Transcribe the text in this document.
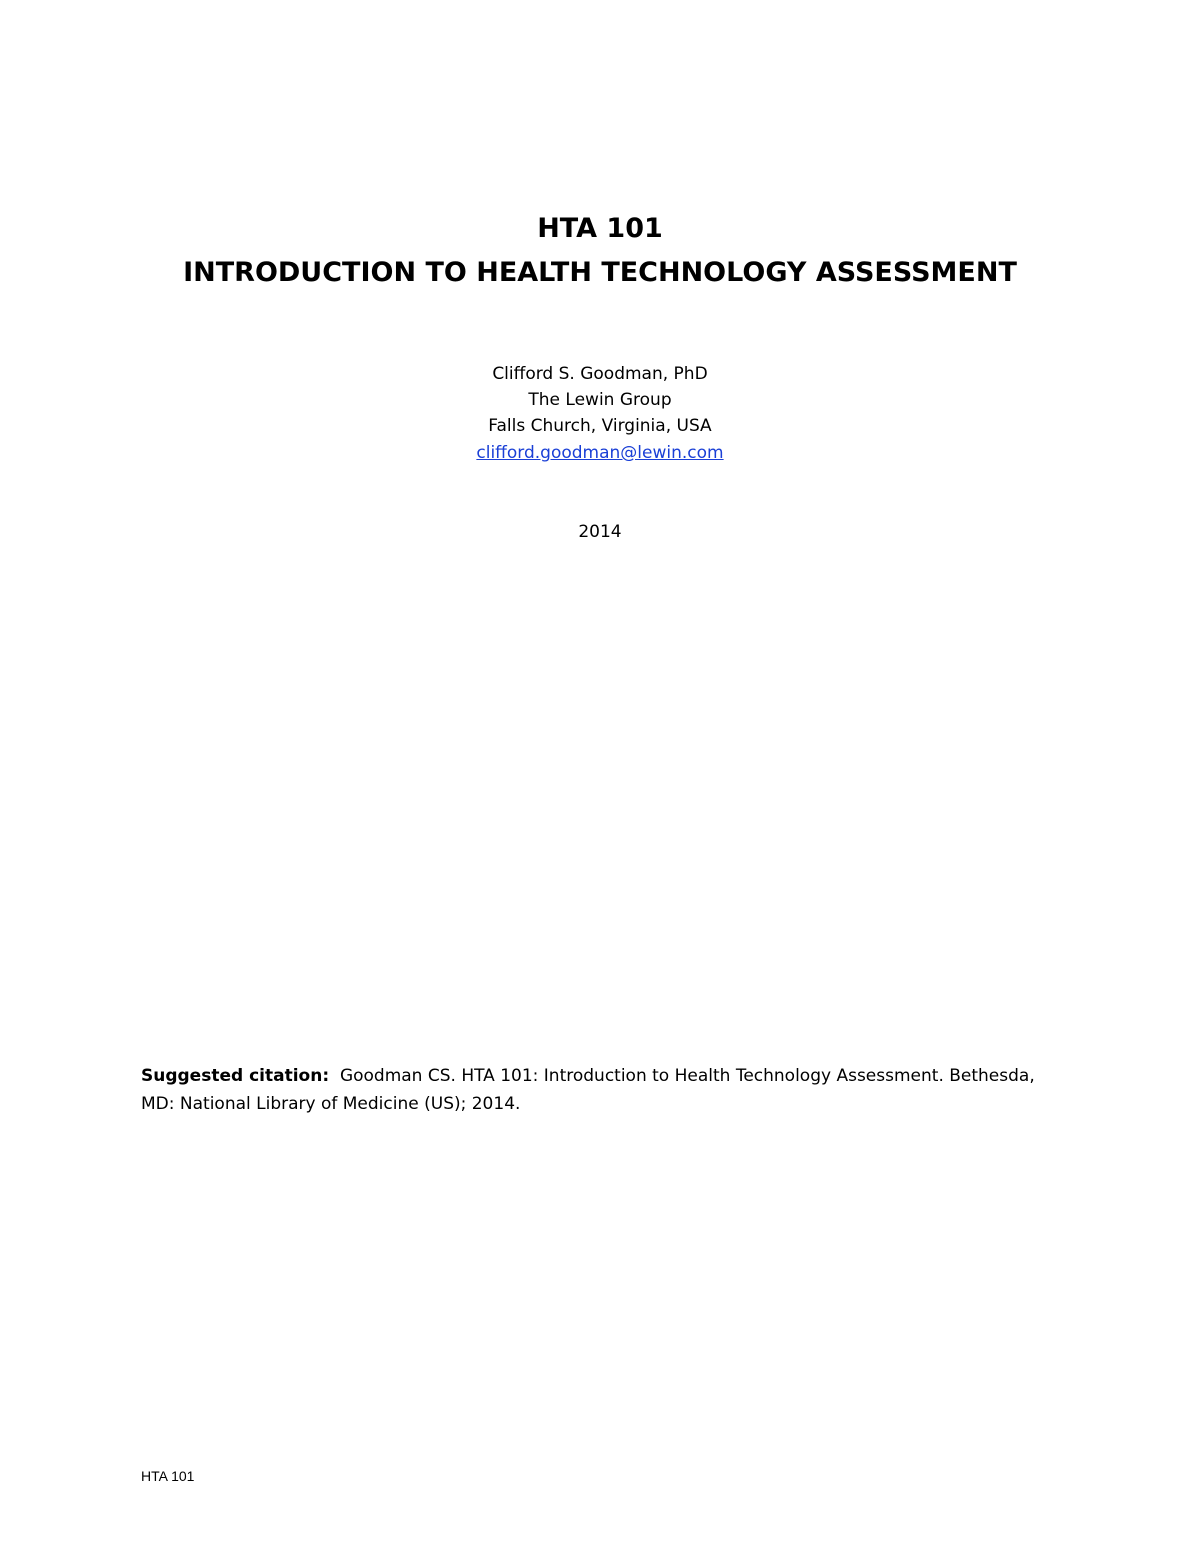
HTA 101
INTRODUCTION TO HEALTH TECHNOLOGY ASSESSMENT
Clifford S. Goodman, PhD
The Lewin Group
Falls Church, Virginia, USA
clifford.goodman@lewin.com
2014
Suggested citation: Goodman CS. HTA 101: Introduction to Health Technology Assessment. Bethesda, MD: National Library of Medicine (US); 2014.
HTA 101
